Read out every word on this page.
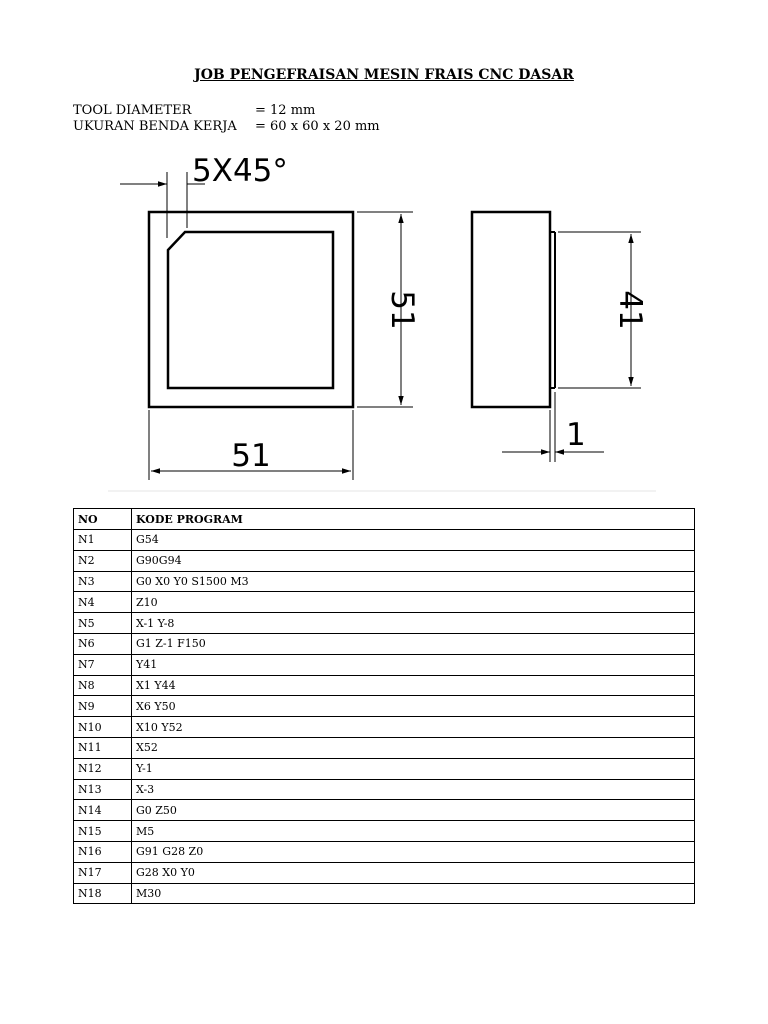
JOB PENGEFRAISAN MESIN FRAIS CNC DASAR
TOOL DIAMETER	= 12 mm
UKURAN BENDA KERJA = 60 x 60 x 20 mm
5X45°
51
51	41
1
NO	KODE PROGRAM
N1	G54
N2	G90G94
N3	G0 X0 Y0 S1500 M3
N4	Z10
N5	X-1 Y-8
N6	G1 Z-1 F150
N7	Y41
N8	X1 Y44
N9	X6 Y50
N10	X10 Y52
N11	X52
N12	Y-1
N13	X-3
N14	G0 Z50
N15	M5
N16	G91 G28 Z0
N17	G28 X0 Y0
N18	M30
